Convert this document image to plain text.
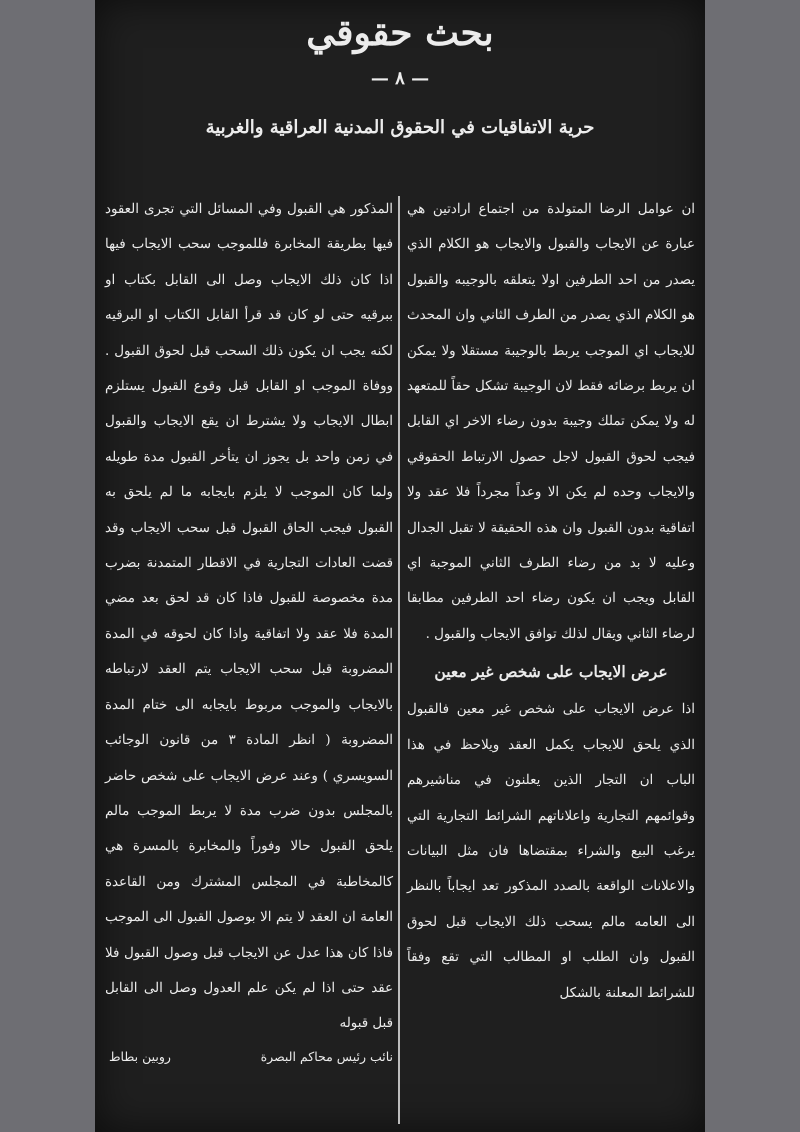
بحث حقوقي
— ٨ —
حرية الاتفاقيات في الحقوق المدنية العراقية والغربية

ان عوامل الرضا المتولدة من اجتماع ارادتين هي عبارة عن الايجاب والقبول والايجاب هو الكلام الذي يصدر من احد الطرفين اولا يتعلقه بالوجيبه والقبول هو الكلام الذي يصدر من الطرف الثاني وان المحدث للايجاب اي الموجب يربط بالوجيبة مستقلا ولا يمكن ان يربط برضائه فقط لان الوجيبة تشكل حقاً للمتعهد له ولا يمكن تملك وجيبة بدون رضاء الاخر اي القابل فيجب لحوق القبول لاجل حصول الارتباط الحقوقي والايجاب وحده لم يكن الا وعداً مجرداً فلا عقد ولا اتفاقية بدون القبول وان هذه الحقيقة لا تقبل الجدال وعليه لا بد من رضاء الطرف الثاني الموجبة اي القابل ويجب ان يكون رضاء احد الطرفين مطابقا لرضاء الثاني ويقال لذلك توافق الايجاب والقبول .

عرض الايجاب على شخص غير معين

اذا عرض الايجاب على شخص غير معين فالقبول الذي يلحق للايجاب يكمل العقد ويلاحظ في هذا الباب ان التجار الذين يعلنون في مناشيرهم وقوائمهم التجارية واعلاناتهم الشرائط التجارية التي يرغب البيع والشراء بمقتضاها فان مثل البيانات والاعلانات الواقعة بالصدد المذكور تعد ايجاباً بالنظر الى العامه مالم يسحب ذلك الايجاب قبل لحوق القبول وان الطلب او المطالب التي تقع وفقاً للشرائط المعلنة بالشكل

المذكور هي القبول وفي المسائل التي تجرى العقود فيها بطريقة المخابرة فللموجب سحب الايجاب فيها اذا كان ذلك الايجاب وصل الى القابل بكتاب او ببرقيه حتى لو كان قد قرأ القابل الكتاب او البرقيه لكنه يجب ان يكون ذلك السحب قبل لحوق القبول . ووفاة الموجب او القابل قبل وقوع القبول يستلزم ابطال الايجاب ولا يشترط ان يقع الايجاب والقبول في زمن واحد بل يجوز ان يتأخر القبول مدة طويله ولما كان الموجب لا يلزم بايجابه ما لم يلحق به القبول فيجب الحاق القبول قبل سحب الايجاب وقد قضت العادات التجارية في الاقطار المتمدنة بضرب مدة مخصوصة للقبول فاذا كان قد لحق بعد مضي المدة فلا عقد ولا اتفاقية واذا كان لحوقه في المدة المضروبة قبل سحب الايجاب يتم العقد لارتباطه بالايجاب والموجب مربوط بايجابه الى ختام المدة المضروبة ( انظر المادة ٣ من قانون الوجائب السويسري ) وعند عرض الايجاب على شخص حاضر بالمجلس بدون ضرب مدة لا يربط الموجب مالم يلحق القبول حالا وفوراً والمخابرة بالمسرة هي كالمخاطبة في المجلس المشترك ومن القاعدة العامة ان العقد لا يتم الا بوصول القبول الى الموجب فاذا كان هذا عدل عن الايجاب قبل وصول القبول فلا عقد حتى اذا لم يكن علم العدول وصل الى القابل قبل قبوله

نائب رئيس محاكم البصرة
روبين بطاط
